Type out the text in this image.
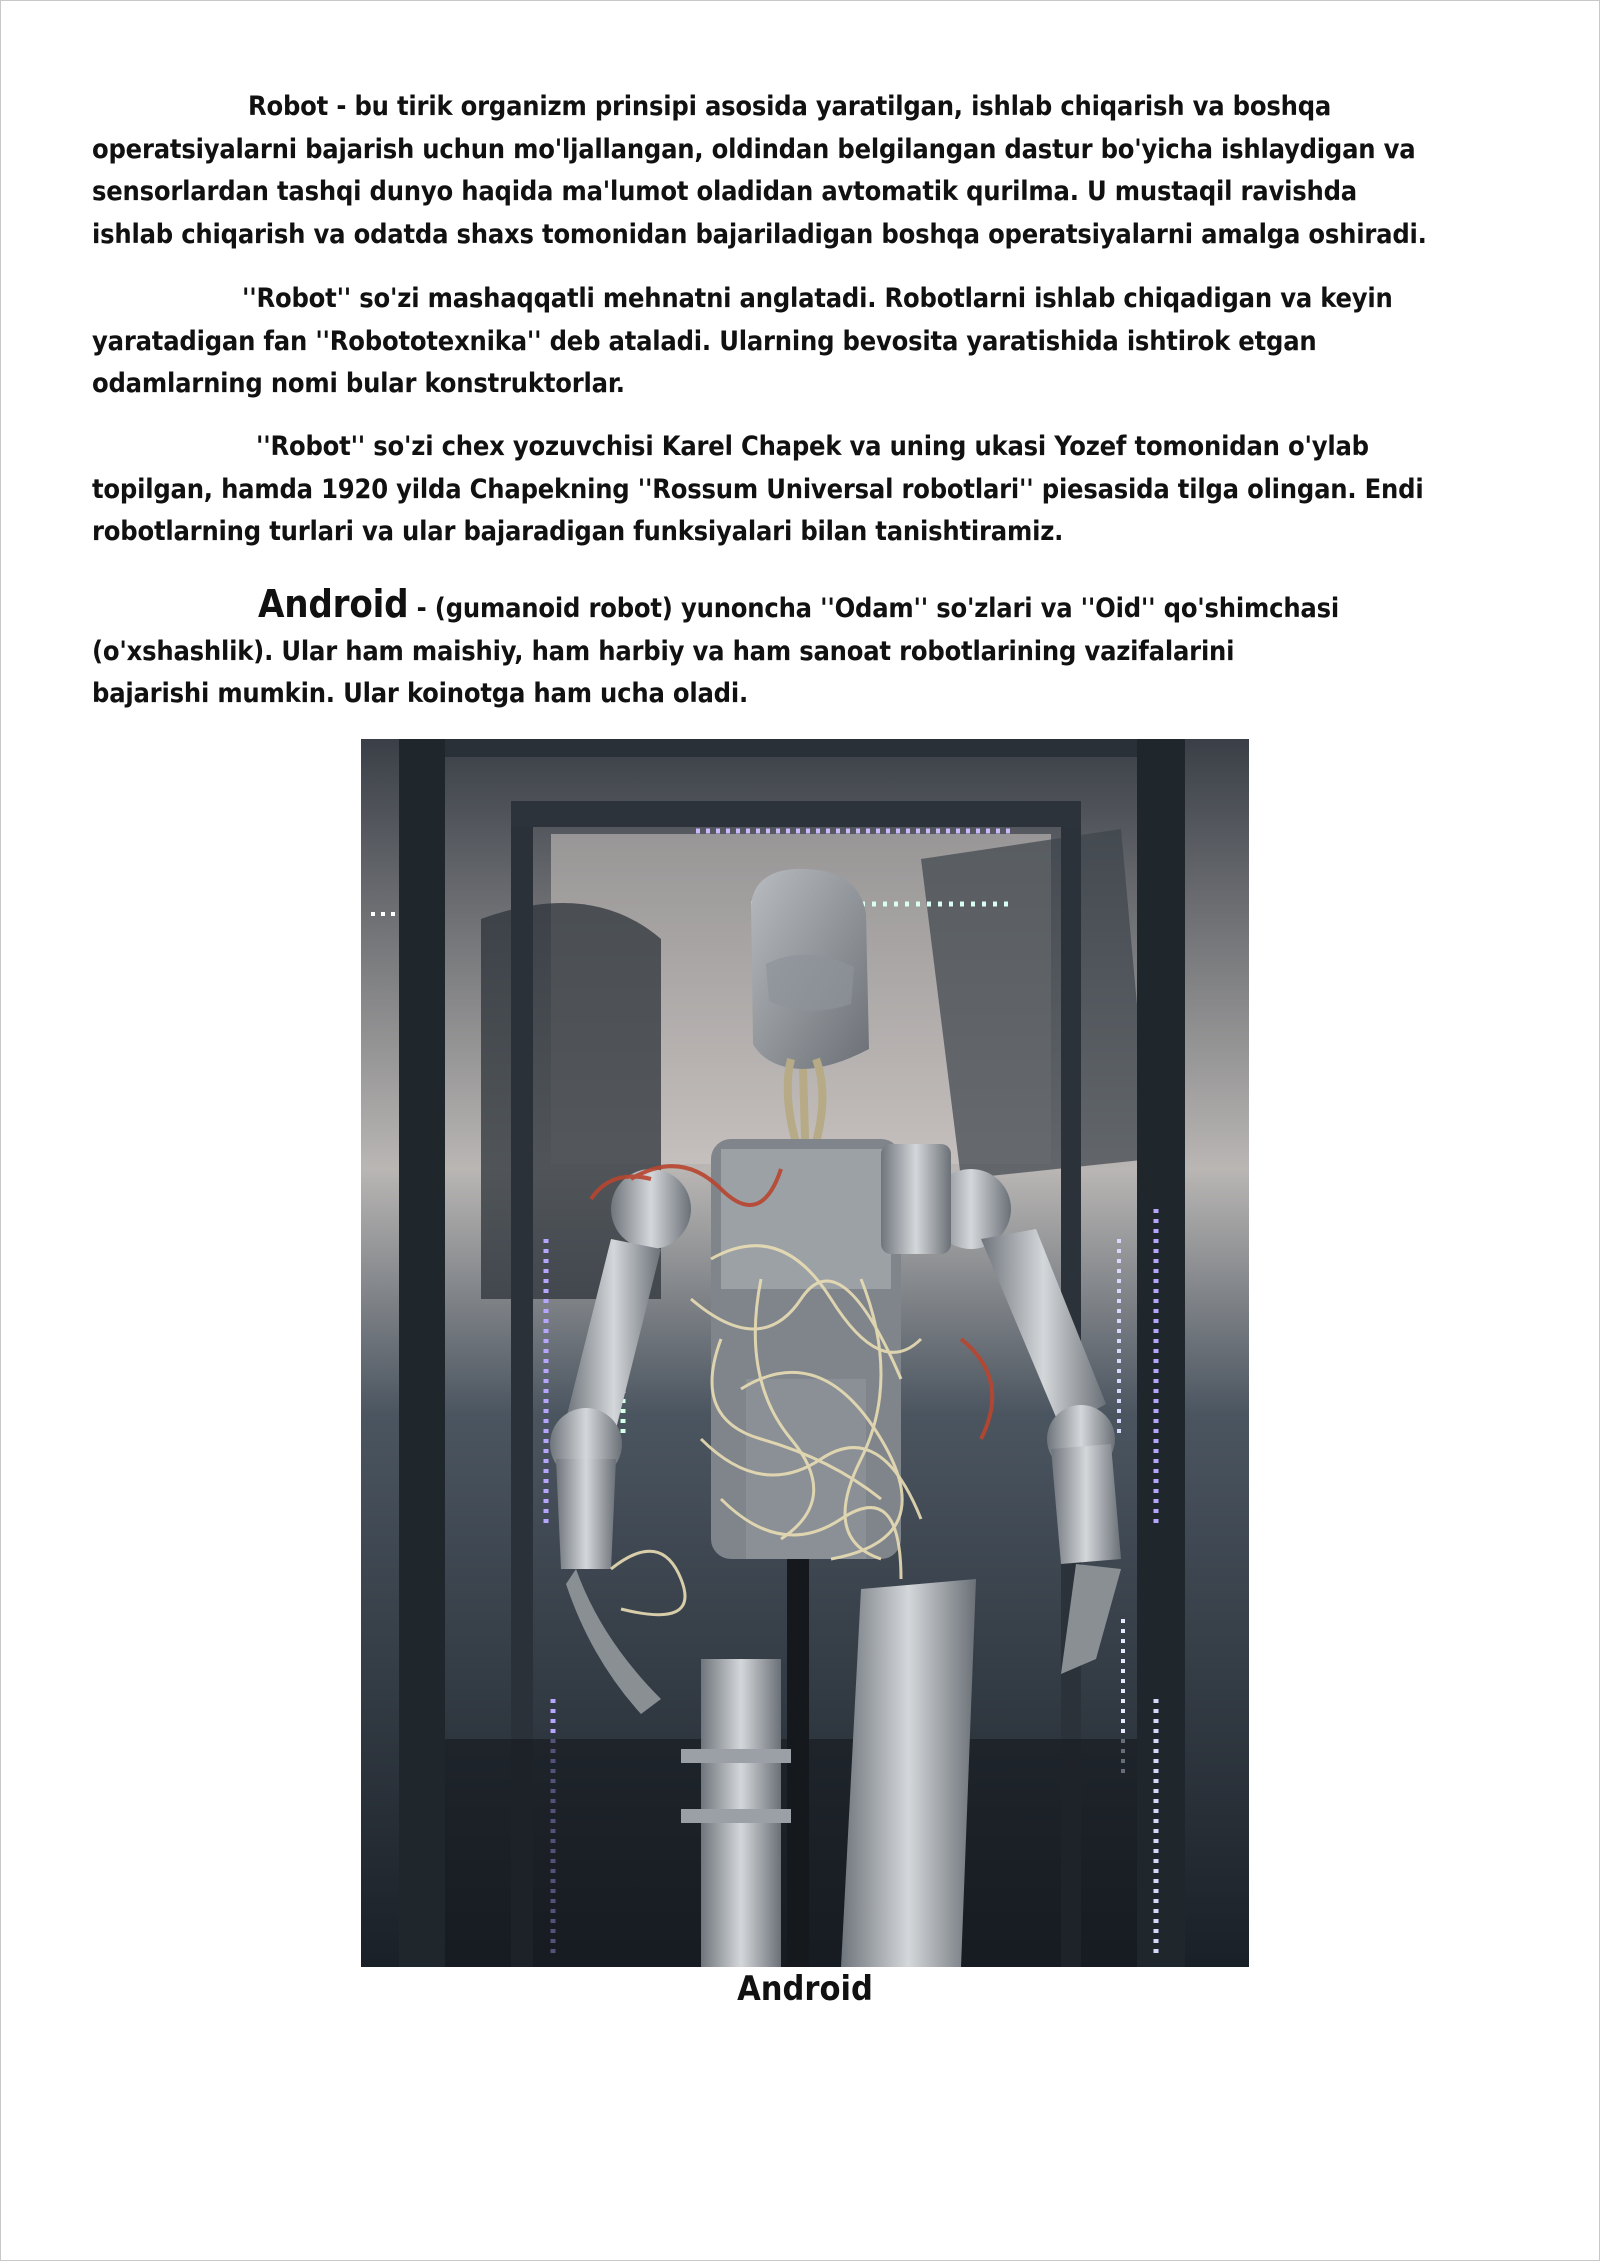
Robot - bu tirik organizm prinsipi asosida yaratilgan, ishlab chiqarish va boshqa
operatsiyalarni bajarish uchun mo'ljallangan, oldindan belgilangan dastur bo'yicha ishlaydigan va
sensorlardan tashqi dunyo haqida ma'lumot oladidan avtomatik qurilma. U mustaqil ravishda
ishlab chiqarish va odatda shaxs tomonidan bajariladigan boshqa operatsiyalarni amalga oshiradi.
''Robot'' so'zi mashaqqatli mehnatni anglatadi. Robotlarni ishlab chiqadigan va keyin
yaratadigan fan ''Robototexnika'' deb ataladi. Ularning bevosita yaratishida ishtirok etgan
odamlarning nomi bular konstruktorlar.
''Robot'' so'zi chex yozuvchisi Karel Chapek va uning ukasi Yozef tomonidan o'ylab
topilgan, hamda 1920 yilda Chapekning ''Rossum Universal robotlari'' piesasida tilga olingan. Endi
robotlarning turlari va ular bajaradigan funksiyalari bilan tanishtiramiz.
Android - (gumanoid robot) yunoncha ''Odam'' so'zlari va ''Oid'' qo'shimchasi
(o'xshashlik). Ular ham maishiy, ham harbiy va ham sanoat robotlarining vazifalarini
bajarishi mumkin. Ular koinotga ham ucha oladi.
Android
